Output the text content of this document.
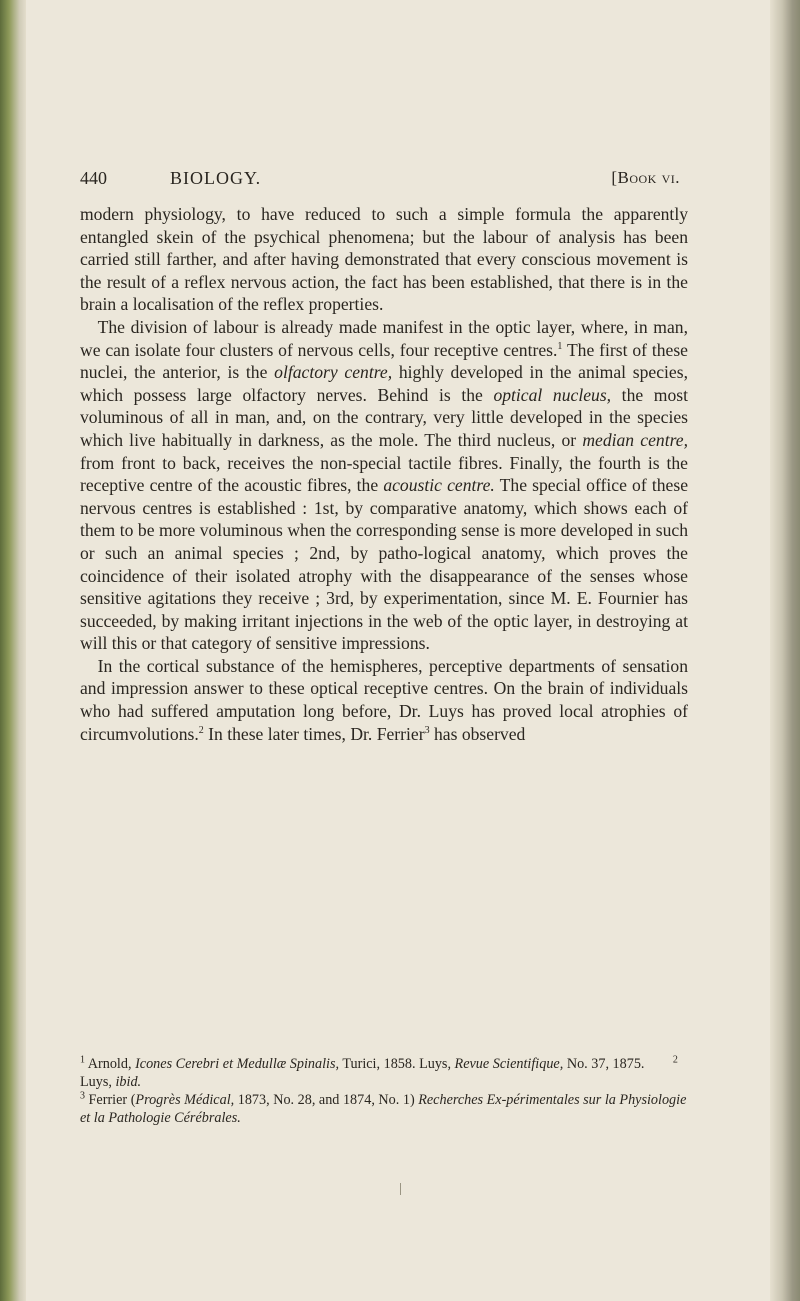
440	BIOLOGY.	[Book vi.

modern physiology, to have reduced to such a simple formula the apparently entangled skein of the psychical phenomena; but the labour of analysis has been carried still farther, and after having demonstrated that every conscious movement is the result of a reflex nervous action, the fact has been established, that there is in the brain a localisation of the reflex properties.

The division of labour is already made manifest in the optic layer, where, in man, we can isolate four clusters of nervous cells, four receptive centres.$^1$ The first of these nuclei, the anterior, is the olfactory centre, highly developed in the animal species, which possess large olfactory nerves. Behind is the optical nucleus, the most voluminous of all in man, and, on the contrary, very little developed in the species which live habitually in darkness, as the mole. The third nucleus, or median centre, from front to back, receives the non-special tactile fibres. Finally, the fourth is the receptive centre of the acoustic fibres, the acoustic centre. The special office of these nervous centres is established : 1st, by comparative anatomy, which shows each of them to be more voluminous when the corresponding sense is more developed in such or such an animal species ; 2nd, by patho-logical anatomy, which proves the coincidence of their isolated atrophy with the disappearance of the senses whose sensitive agitations they receive ; 3rd, by experimentation, since M. E. Fournier has succeeded, by making irritant injections in the web of the optic layer, in destroying at will this or that category of sensitive impressions.

In the cortical substance of the hemispheres, perceptive departments of sensation and impression answer to these optical receptive centres. On the brain of individuals who had suffered amputation long before, Dr. Luys has proved local atrophies of circumvolutions.$^2$ In these later times, Dr. Ferrier$^3$ has observed

$^1$ Arnold, Icones Cerebri et Medullæ Spinalis, Turici, 1858. Luys, Revue Scientifique, No. 37, 1875.  	$^2$ Luys, ibid.
$^3$ Ferrier (Progrès Médical, 1873, No. 28, and 1874, No. 1) Recherches Ex-périmentales sur la Physiologie et la Pathologie Cérébrales.
